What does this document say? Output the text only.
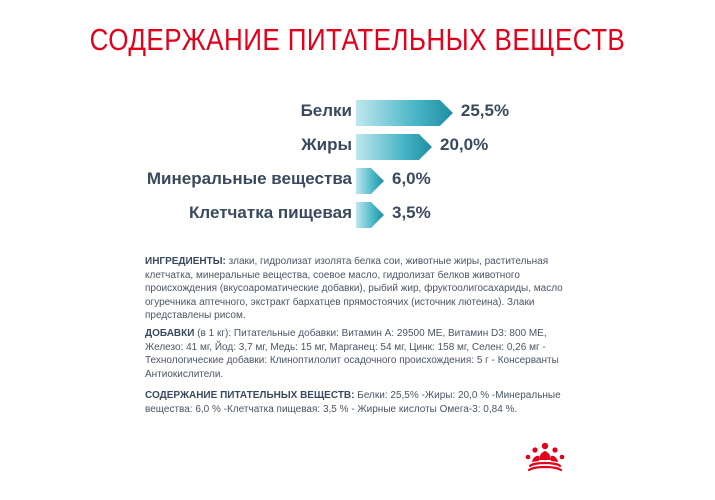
СОДЕРЖАНИЕ ПИТАТЕЛЬНЫХ ВЕЩЕСТВ
Белки	25,5%
Жиры	20,0%
Минеральные вещества 6,0%
Клетчатка пищевая 3,5%
ИНГРЕДИЕНТЫ: злаки, гидролизат изолята белка сои, животные жиры, растительная клетчатка, минеральные вещества, соевое масло, гидролизат белков животного происхождения (вкусоароматические добавки), рыбий жир, фруктоолигосахариды, масло огуречника аптечного, экстракт бархатцев прямостоячих (источник лютеина). Злаки представлены рисом.
ДОБАВКИ (в 1 кг): Питательные добавки: Витамин А: 29500 МЕ, Витамин D3: 800 МЕ, Железо: 41 мг, Йод: 3,7 мг, Медь: 15 мг, Марганец: 54 мг, Цинк: 158 мг, Селен: 0,26 мг - Технологические добавки: Клиноптилолит осадочного происхождения: 5 г - Консерванты Антиокислители.
СОДЕРЖАНИЕ ПИТАТЕЛЬНЫХ ВЕЩЕСТВ: Белки: 25,5% -Жиры: 20,0 % -Минеральные вещества: 6,0 % -Клетчатка пищевая: 3,5 % - Жирные кислоты Омега-3: 0,84 %.
